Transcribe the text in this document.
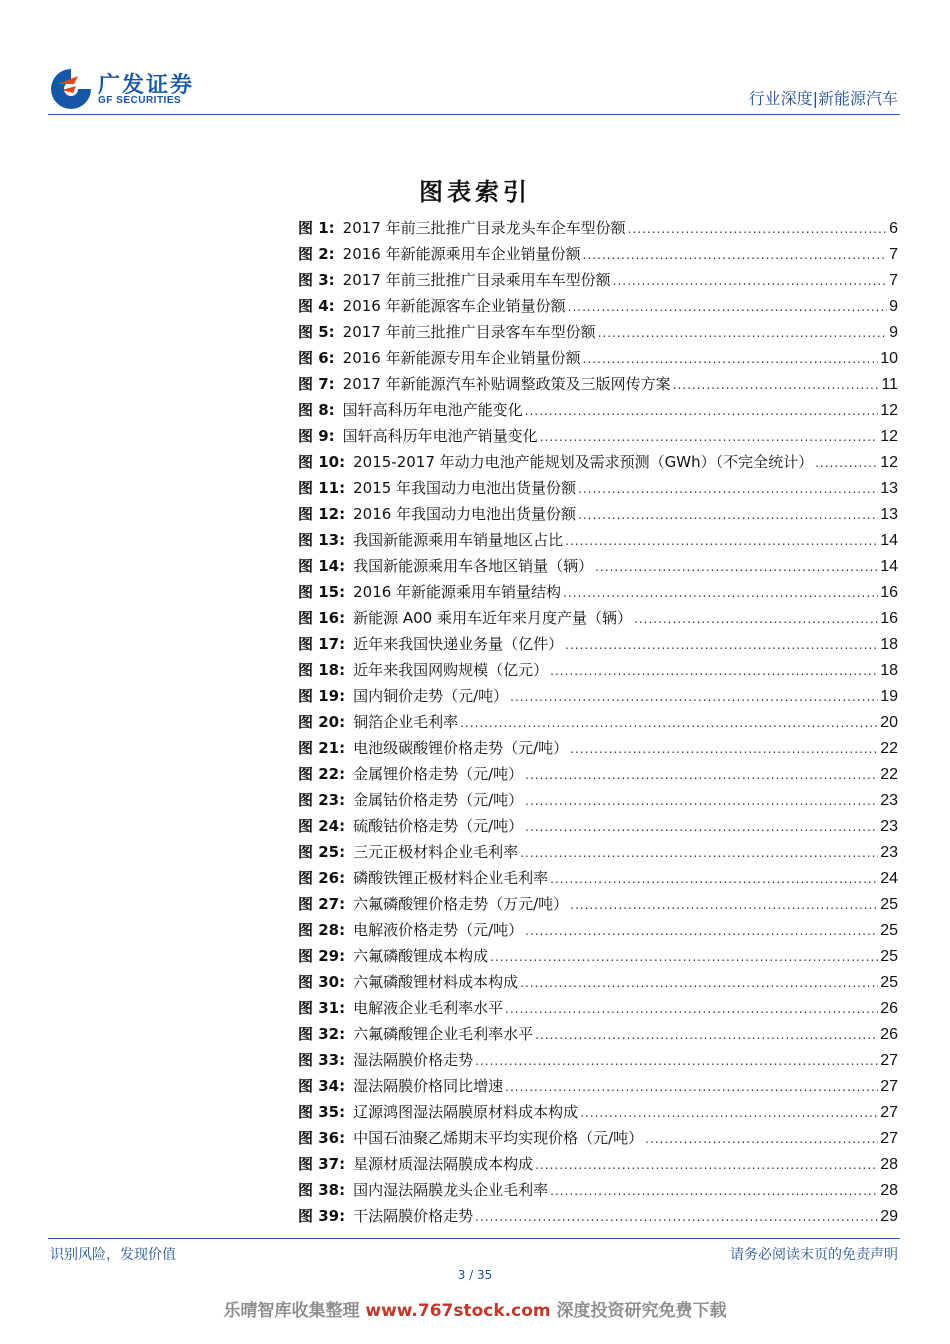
广发证券
GF SECURITIES	行业深度|新能源汽车
图表索引
图 1: 2017 年前三批推广目录龙头车企车型份额 .....	6
图 2: 2016 年新能源乘用车企业销量份额 .....	7
图 3: 2017 年前三批推广目录乘用车车型份额 .....	7
图 4: 2016 年新能源客车企业销量份额 .....	9
图 5: 2017 年前三批推广目录客车车型份额 .....	9
图 6: 2016 年新能源专用车企业销量份额 .....	10
图 7: 2017 年新能源汽车补贴调整政策及三版网传方案 .....	11
图 8: 国轩高科历年电池产能变化 .....	12
图 9: 国轩高科历年电池产销量变化 .....	12
图 10: 2015-2017 年动力电池产能规划及需求预测（GWh）（不完全统计） .....	12
图 11: 2015 年我国动力电池出货量份额 .....	13
图 12: 2016 年我国动力电池出货量份额 .....	13
图 13: 我国新能源乘用车销量地区占比 .....	14
图 14: 我国新能源乘用车各地区销量（辆） .....	14
图 15: 2016 年新能源乘用车销量结构 .....	16
图 16: 新能源 A00 乘用车近年来月度产量（辆） .....	16
图 17: 近年来我国快递业务量（亿件） .....	18
图 18: 近年来我国网购规模（亿元） .....	18
图 19: 国内铜价走势（元/吨） .....	19
图 20: 铜箔企业毛利率 .....	20
图 21: 电池级碳酸锂价格走势（元/吨） .....	22
图 22: 金属锂价格走势（元/吨） .....	22
图 23: 金属钴价格走势（元/吨） .....	23
图 24: 硫酸钴价格走势（元/吨） .....	23
图 25: 三元正极材料企业毛利率 .....	23
图 26: 磷酸铁锂正极材料企业毛利率 .....	24
图 27: 六氟磷酸锂价格走势（万元/吨） .....	25
图 28: 电解液价格走势（元/吨） .....	25
图 29: 六氟磷酸锂成本构成 .....	25
图 30: 六氟磷酸锂材料成本构成 .....	25
图 31: 电解液企业毛利率水平 .....	26
图 32: 六氟磷酸锂企业毛利率水平 .....	26
图 33: 湿法隔膜价格走势 .....	27
图 34: 湿法隔膜价格同比增速 .....	27
图 35: 辽源鸿图湿法隔膜原材料成本构成 .....	27
图 36: 中国石油聚乙烯期末平均实现价格（元/吨） .....	27
图 37: 星源材质湿法隔膜成本构成 .....	28
图 38: 国内湿法隔膜龙头企业毛利率 .....	28
图 39: 干法隔膜价格走势 .....	29
识别风险，发现价值	请务必阅读末页的免责声明
3 / 35
乐晴智库收集整理 www.767stock.com 深度投资研究免费下载
